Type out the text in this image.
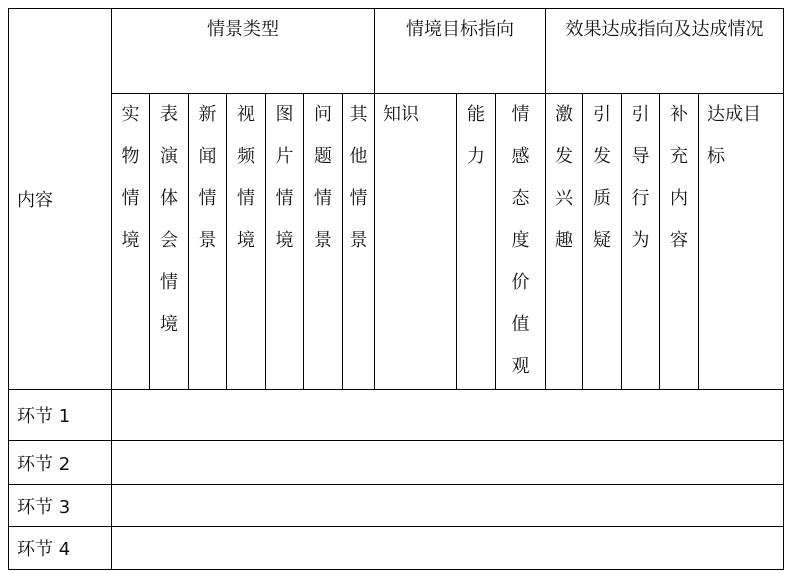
内容	情景类型							情境目标指向			效果达成指向及达成情况				

	实物情境	表演体会情境	新闻情景	视频情境	图片情境	问题情景	其他情景	知识	能力	情感态度价值观	激发兴趣	引发质疑	引导行为	补充内容	达成目标

环节 1															
环节 2															
环节 3															
环节 4															
